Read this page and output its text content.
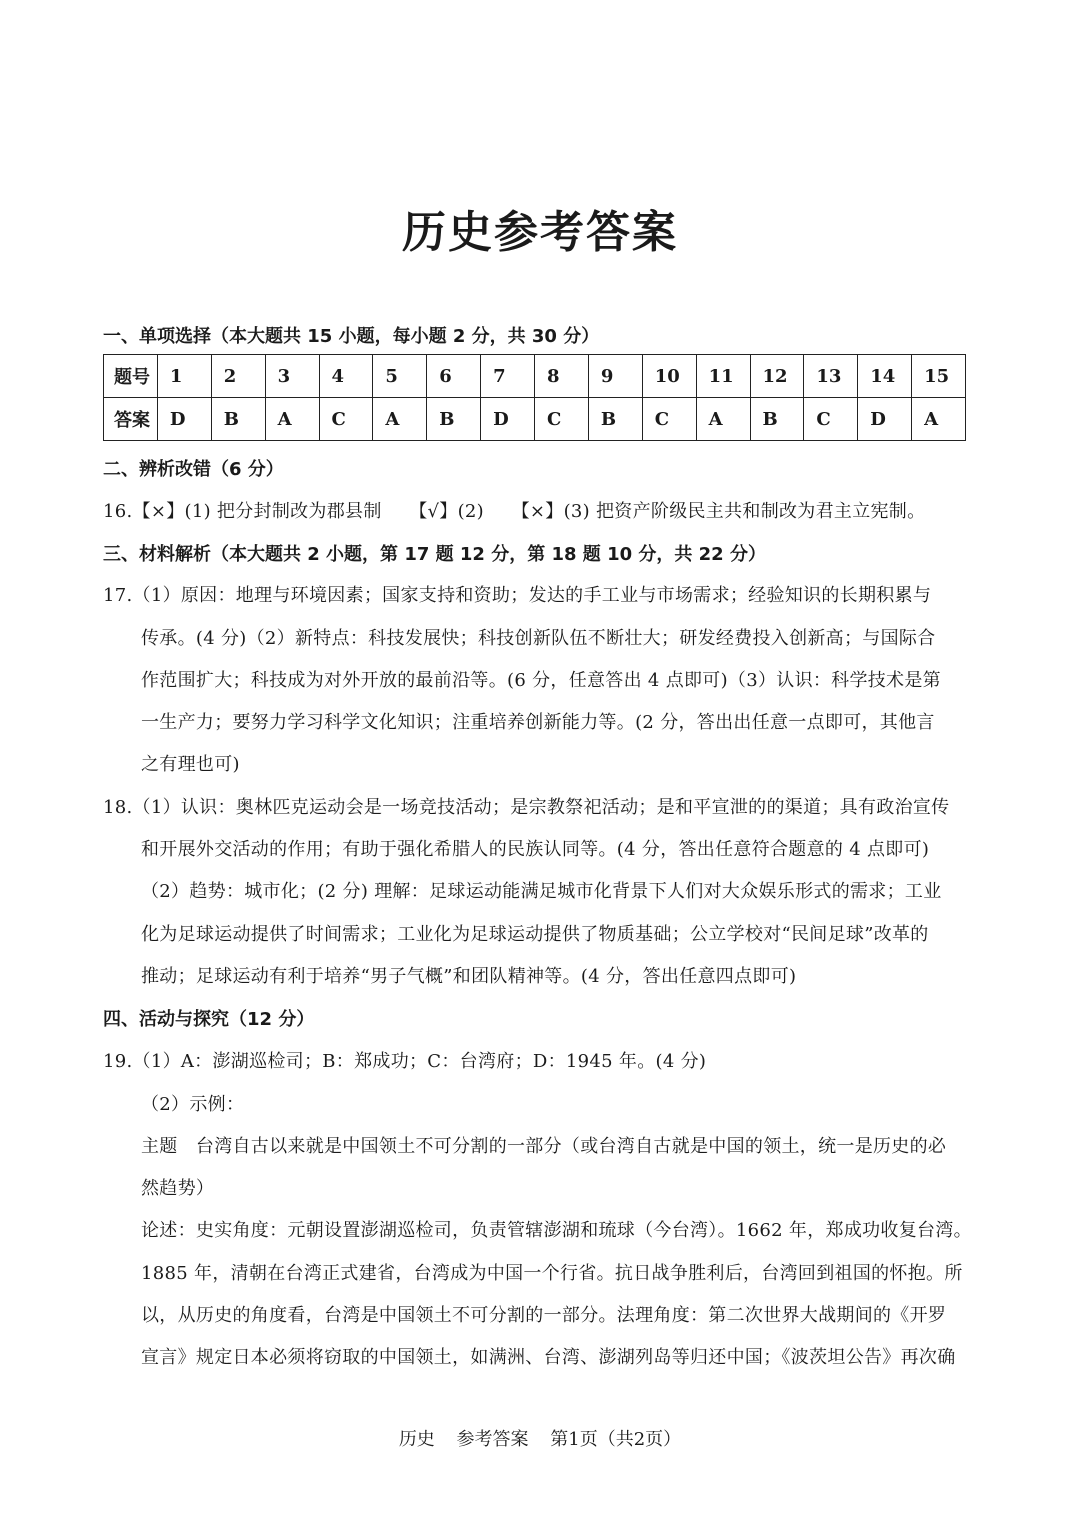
历史参考答案
一、单项选择（本大题共 15 小题，每小题 2 分，共 30 分）
题号	1	2	3	4	5	6	7	8	9	10	11	12	13	14	15
答案	D	B	A	C	A	B	D	C	B	C	A	B	C	D	A
二、辨析改错（6 分）
16.【×】(1) 把分封制改为郡县制　　【√】(2)　　【×】(3) 把资产阶级民主共和制改为君主立宪制。
三、材料解析（本大题共 2 小题，第 17 题 12 分，第 18 题 10 分，共 22 分）
17.（1）原因：地理与环境因素；国家支持和资助；发达的手工业与市场需求；经验知识的长期积累与
传承。(4 分)（2）新特点：科技发展快；科技创新队伍不断壮大；研发经费投入创新高；与国际合
作范围扩大；科技成为对外开放的最前沿等。(6 分，任意答出 4 点即可)（3）认识：科学技术是第
一生产力；要努力学习科学文化知识；注重培养创新能力等。(2 分，答出出任意一点即可，其他言
之有理也可)
18.（1）认识：奥林匹克运动会是一场竞技活动；是宗教祭祀活动；是和平宣泄的的渠道；具有政治宣传
和开展外交活动的作用；有助于强化希腊人的民族认同等。(4 分，答出任意符合题意的 4 点即可)
（2）趋势：城市化；(2 分) 理解：足球运动能满足城市化背景下人们对大众娱乐形式的需求；工业
化为足球运动提供了时间需求；工业化为足球运动提供了物质基础；公立学校对“民间足球”改革的
推动；足球运动有利于培养“男子气概”和团队精神等。(4 分，答出任意四点即可)
四、活动与探究（12 分）
19.（1）A：澎湖巡检司；B：郑成功；C：台湾府；D：1945 年。(4 分)
（2）示例：
主题　台湾自古以来就是中国领土不可分割的一部分（或台湾自古就是中国的领土，统一是历史的必
然趋势）
论述：史实角度：元朝设置澎湖巡检司，负责管辖澎湖和琉球（今台湾）。1662 年，郑成功收复台湾。
1885 年，清朝在台湾正式建省，台湾成为中国一个行省。抗日战争胜利后，台湾回到祖国的怀抱。所
以，从历史的角度看，台湾是中国领土不可分割的一部分。法理角度：第二次世界大战期间的《开罗
宣言》规定日本必须将窃取的中国领土，如满洲、台湾、澎湖列岛等归还中国；《波茨坦公告》再次确
历史 参考答案 第1页（共2页）
